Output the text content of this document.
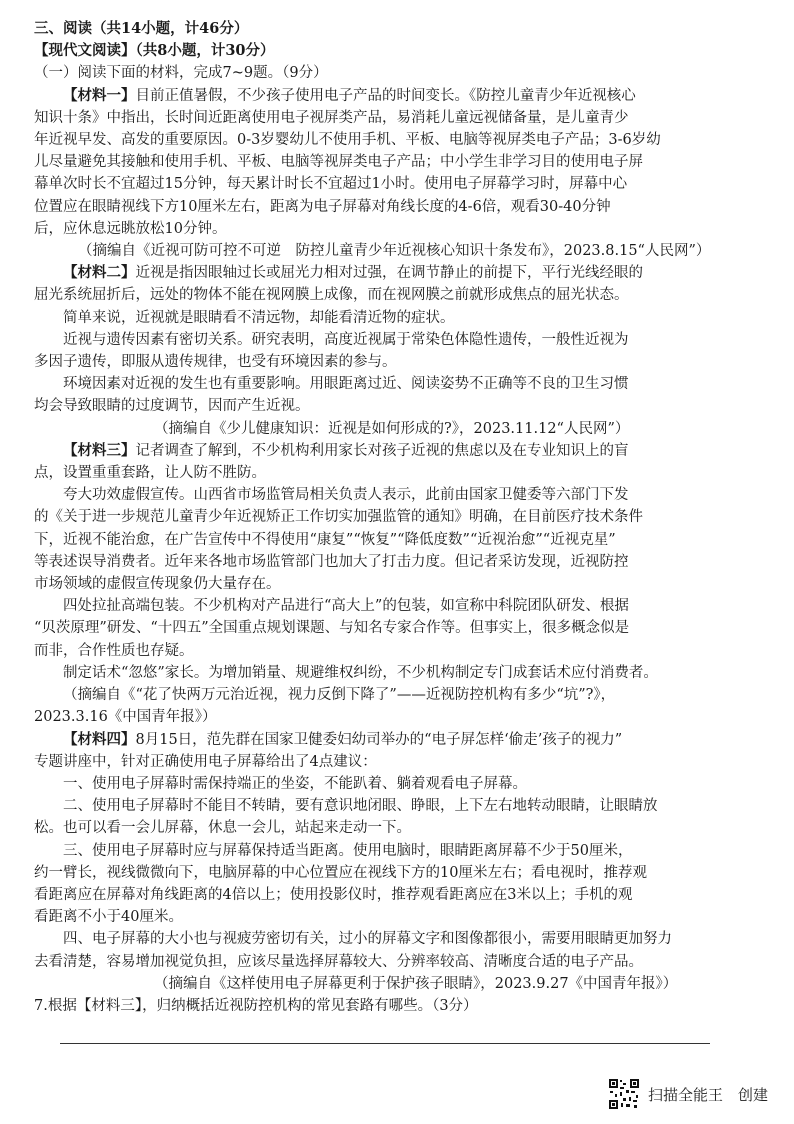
三、阅读（共14小题，计46分）
【现代文阅读】（共8小题，计30分）
（一）阅读下面的材料，完成7~9题。（9分）
【材料一】目前正值暑假，不少孩子使用电子产品的时间变长。《防控儿童青少年近视核心
知识十条》中指出，长时间近距离使用电子视屏类产品，易消耗儿童远视储备量，是儿童青少
年近视早发、高发的重要原因。0-3岁婴幼儿不使用手机、平板、电脑等视屏类电子产品；3-6岁幼
儿尽量避免其接触和使用手机、平板、电脑等视屏类电子产品；中小学生非学习目的使用电子屏
幕单次时长不宜超过15分钟，每天累计时长不宜超过1小时。使用电子屏幕学习时，屏幕中心
位置应在眼睛视线下方10厘米左右，距离为电子屏幕对角线长度的4-6倍，观看30-40分钟
后，应休息远眺放松10分钟。
（摘编自《近视可防可控不可逆　防控儿童青少年近视核心知识十条发布》，2023.8.15“人民网”）
【材料二】近视是指因眼轴过长或屈光力相对过强，在调节静止的前提下，平行光线经眼的
屈光系统屈折后，远处的物体不能在视网膜上成像，而在视网膜之前就形成焦点的屈光状态。
简单来说，近视就是眼睛看不清远物，却能看清近物的症状。
近视与遗传因素有密切关系。研究表明，高度近视属于常染色体隐性遗传，一般性近视为
多因子遗传，即服从遗传规律，也受有环境因素的参与。
环境因素对近视的发生也有重要影响。用眼距离过近、阅读姿势不正确等不良的卫生习惯
均会导致眼睛的过度调节，因而产生近视。
（摘编自《少儿健康知识：近视是如何形成的?》，2023.11.12“人民网”）
【材料三】记者调查了解到，不少机构利用家长对孩子近视的焦虑以及在专业知识上的盲
点，设置重重套路，让人防不胜防。
夸大功效虚假宣传。山西省市场监管局相关负责人表示，此前由国家卫健委等六部门下发
的《关于进一步规范儿童青少年近视矫正工作切实加强监管的通知》明确，在目前医疗技术条件
下，近视不能治愈，在广告宣传中不得使用“康复”“恢复”“降低度数”“近视治愈”“近视克星”
等表述误导消费者。近年来各地市场监管部门也加大了打击力度。但记者采访发现，近视防控
市场领域的虚假宣传现象仍大量存在。
四处拉扯高端包装。不少机构对产品进行“高大上”的包装，如宣称中科院团队研发、根据
“贝茨原理”研发、“十四五”全国重点规划课题、与知名专家合作等。但事实上，很多概念似是
而非，合作性质也存疑。
制定话术“忽悠”家长。为增加销量、规避维权纠纷，不少机构制定专门成套话术应付消费者。
（摘编自《“花了快两万元治近视，视力反倒下降了”——近视防控机构有多少“坑”?》，
2023.3.16《中国青年报》）
【材料四】8月15日，范先群在国家卫健委妇幼司举办的“电子屏怎样‘偷走’孩子的视力”
专题讲座中，针对正确使用电子屏幕给出了4点建议：
一、使用电子屏幕时需保持端正的坐姿，不能趴着、躺着观看电子屏幕。
二、使用电子屏幕时不能目不转睛，要有意识地闭眼、睁眼，上下左右地转动眼睛，让眼睛放
松。也可以看一会儿屏幕，休息一会儿，站起来走动一下。
三、使用电子屏幕时应与屏幕保持适当距离。使用电脑时，眼睛距离屏幕不少于50厘米，
约一臂长，视线微微向下，电脑屏幕的中心位置应在视线下方的10厘米左右；看电视时，推荐观
看距离应在屏幕对角线距离的4倍以上；使用投影仪时，推荐观看距离应在3米以上；手机的观
看距离不小于40厘米。
四、电子屏幕的大小也与视疲劳密切有关，过小的屏幕文字和图像都很小，需要用眼睛更加努力
去看清楚，容易增加视觉负担，应该尽量选择屏幕较大、分辨率较高、清晰度合适的电子产品。
（摘编自《这样使用电子屏幕更利于保护孩子眼睛》，2023.9.27《中国青年报》）
7.根据【材料三】，归纳概括近视防控机构的常见套路有哪些。（3分）
扫描全能王　创建
